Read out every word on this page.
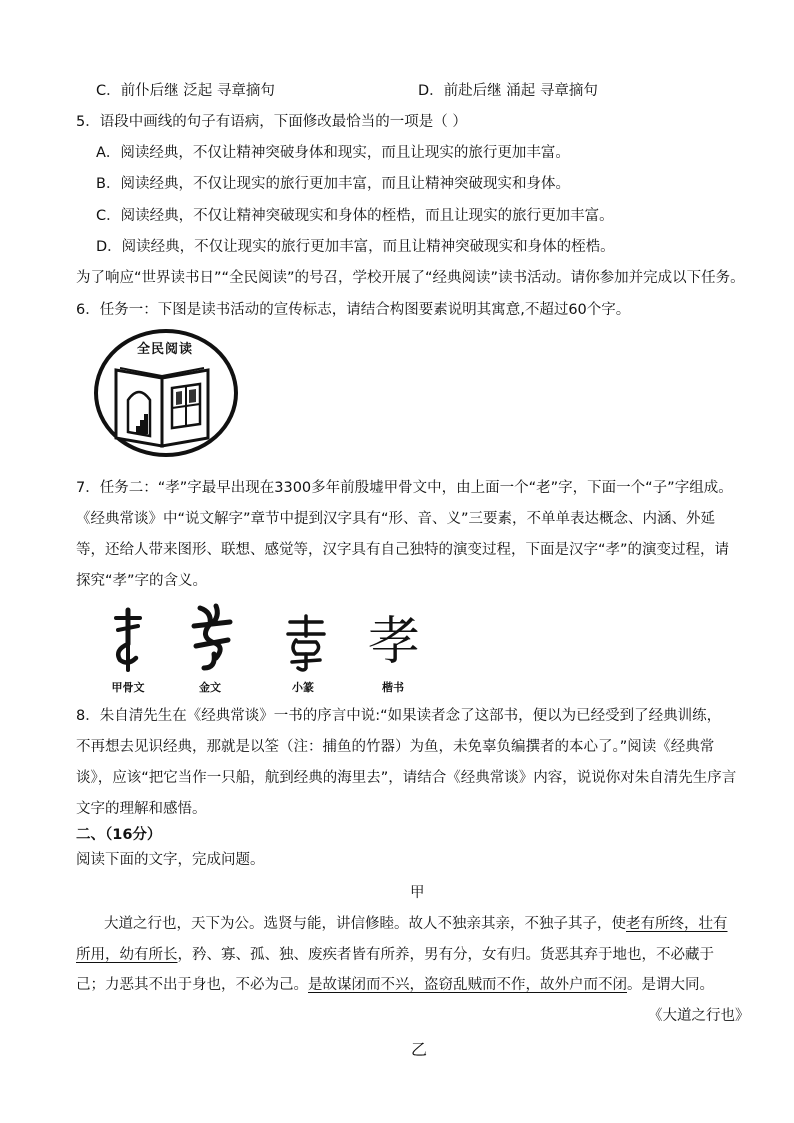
C．前仆后继 泛起 寻章摘句	D．前赴后继 涌起 寻章摘句
5．语段中画线的句子有语病，下面修改最恰当的一项是（ ）
A．阅读经典，不仅让精神突破身体和现实，而且让现实的旅行更加丰富。
B．阅读经典，不仅让现实的旅行更加丰富，而且让精神突破现实和身体。
C．阅读经典，不仅让精神突破现实和身体的桎梏，而且让现实的旅行更加丰富。
D．阅读经典，不仅让现实的旅行更加丰富，而且让精神突破现实和身体的桎梏。
为了响应“世界读书日”“全民阅读”的号召，学校开展了“经典阅读”读书活动。请你参加并完成以下任务。
6．任务一：下图是读书活动的宣传标志，请结合构图要素说明其寓意,不超过60个字。
全民阅读
7．任务二：“孝”字最早出现在3300多年前殷墟甲骨文中，由上面一个“老”字，下面一个“子”字组成。
《经典常谈》中“说文解字”章节中提到汉字具有“形、音、义”三要素，不单单表达概念、内涵、外延
等，还给人带来图形、联想、感觉等，汉字具有自己独特的演变过程，下面是汉字“孝”的演变过程，请
探究“孝”字的含义。
孝
甲骨文	金文	小篆	楷书
8．朱自清先生在《经典常谈》一书的序言中说:“如果读者念了这部书，便以为已经受到了经典训练，
不再想去见识经典，那就是以筌（注：捕鱼的竹器）为鱼，未免辜负编撰者的本心了。”阅读《经典常
谈》，应该“把它当作一只船，航到经典的海里去”，请结合《经典常谈》内容，说说你对朱自清先生序言
文字的理解和感悟。
二、（16分）
阅读下面的文字，完成问题。
甲
大道之行也，天下为公。选贤与能，讲信修睦。故人不独亲其亲，不独子其子，使老有所终，壮有
所用，幼有所长，矜、寡、孤、独、废疾者皆有所养，男有分，女有归。货恶其弃于地也，不必藏于
己；力恶其不出于身也，不必为己。是故谋闭而不兴，盗窃乱贼而不作，故外户而不闭。是谓大同。
《大道之行也》
乙
